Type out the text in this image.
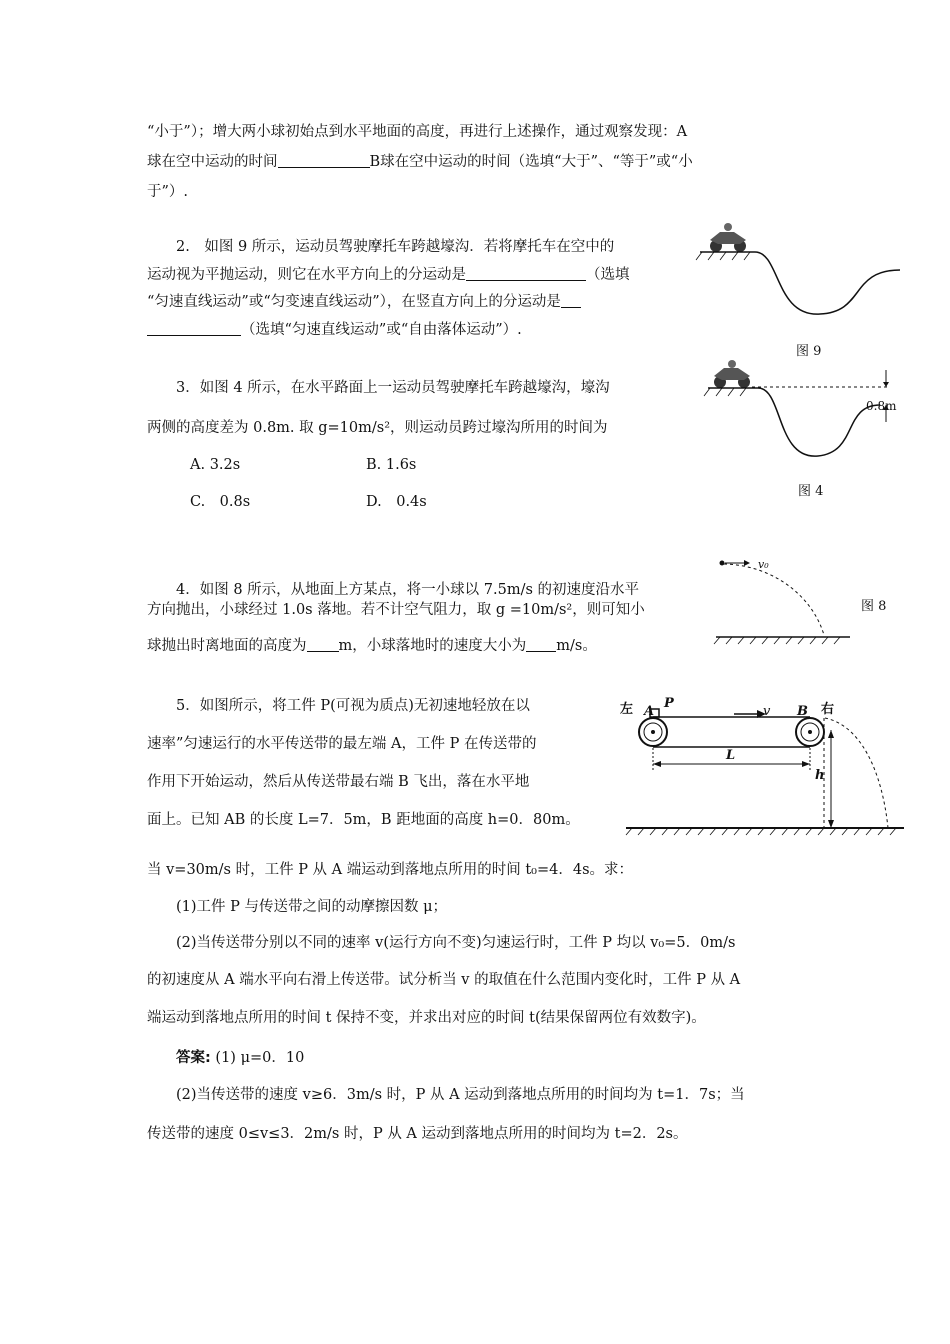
“小于”）；增大两小球初始点到水平地面的高度，再进行上述操作，通过观察发现：A
球在空中运动的时间	B球在空中运动的时间（选填“大于”、“等于”或“小
于”）.
2.　如图 9 所示，运动员驾驶摩托车跨越壕沟．若将摩托车在空中的
运动视为平抛运动，则它在水平方向上的分运动是	（选填
“匀速直线运动”或“匀变速直线运动”），在竖直方向上的分运动是
（选填“匀速直线运动”或“自由落体运动”）.
图 9
3．如图 4 所示，在水平路面上一运动员驾驶摩托车跨越壕沟，壕沟
两侧的高度差为 0.8m. 取 g=10m/s²，则运动员跨过壕沟所用的时间为
A. 3.2s	B. 1.6s
C.　0.8s	D.　0.4s
0.8m
图 4
4．如图 8 所示，从地面上方某点，将一小球以 7.5m/s 的初速度沿水平
方向抛出，小球经过 1.0s 落地。若不计空气阻力，取 g =10m/s²，则可知小
球抛出时离地面的高度为 m，小球落地时的速度大小为 m/s。
v₀
图 8
5．如图所示，将工件 P(可视为质点)无初速地轻放在以
速率”匀速运行的水平传送带的最左端 A，工件 P 在传送带的
作用下开始运动，然后从传送带最右端 B 飞出，落在水平地
面上。已知 AB 的长度 L=7．5m，B 距地面的高度 h=0．80m。
当 v=30m/s 时，工件 P 从 A 端运动到落地点所用的时间 t₀=4．4s。求：
(1)工件 P 与传送带之间的动摩擦因数 μ；
(2)当传送带分别以不同的速率 v(运行方向不变)匀速运行时，工件 P 均以 v₀=5．0m/s
的初速度从 A 端水平向右滑上传送带。试分析当 v 的取值在什么范围内变化时，工件 P 从 A
端运动到落地点所用的时间 t 保持不变，并求出对应的时间 t(结果保留两位有效数字)。
答案: (1) μ=0．10
(2)当传送带的速度 v≥6．3m/s 时，P 从 A 运动到落地点所用的时间均为 t=1．7s；当
传送带的速度 0≤v≤3．2m/s 时，P 从 A 运动到落地点所用的时间均为 t=2．2s。
左	右
A
P
B
v
L
h
